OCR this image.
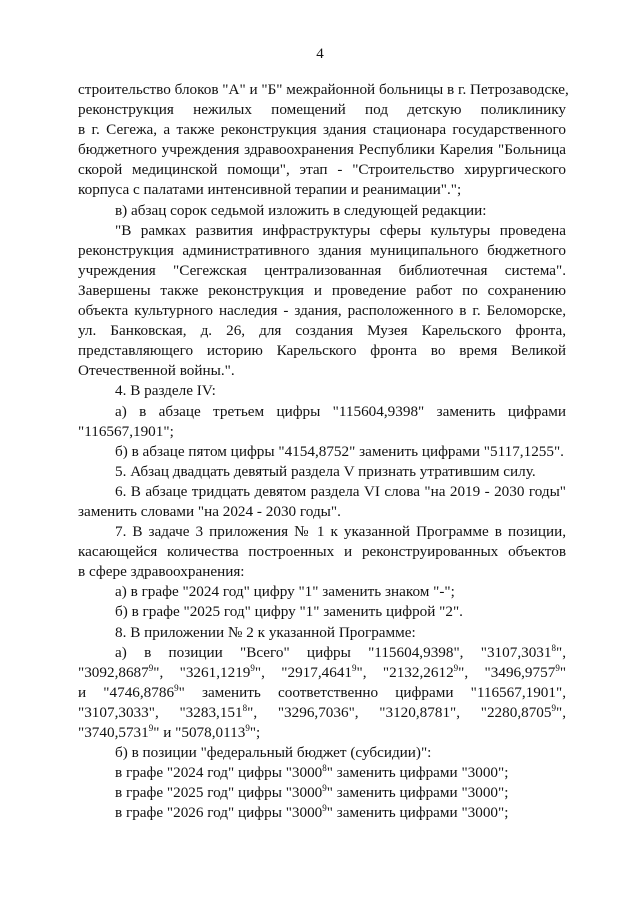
4
строительство блоков "А" и "Б" межрайонной больницы в г. Петрозаводске,
реконструкция нежилых помещений под детскую поликлинику
в г. Сегежа, а также реконструкция здания стационара государственного
бюджетного учреждения здравоохранения Республики Карелия "Больница
скорой медицинской помощи", этап - "Строительство хирургического
корпуса с палатами интенсивной терапии и реанимации".";
в) абзац сорок седьмой изложить в следующей редакции:
"В рамках развития инфраструктуры сферы культуры проведена
реконструкция административного здания муниципального бюджетного
учреждения "Сегежская централизованная библиотечная система".
Завершены также реконструкция и проведение работ по сохранению
объекта культурного наследия - здания, расположенного в г. Беломорске,
ул. Банковская, д. 26, для создания Музея Карельского фронта,
представляющего историю Карельского фронта во время Великой
Отечественной войны.".
4. В разделе IV:
а) в абзаце третьем цифры "115604,9398" заменить цифрами
"116567,1901";
б) в абзаце пятом цифры "4154,8752" заменить цифрами "5117,1255".
5. Абзац двадцать девятый раздела V признать утратившим силу.
6. В абзаце тридцать девятом раздела VI слова "на 2019 - 2030 годы"
заменить словами "на 2024 - 2030 годы".
7. В задаче 3 приложения № 1 к указанной Программе в позиции,
касающейся количества построенных и реконструированных объектов
в сфере здравоохранения:
а) в графе "2024 год" цифру "1" заменить знаком "-";
б) в графе "2025 год" цифру "1" заменить цифрой "2".
8. В приложении № 2 к указанной Программе:
а) в позиции "Всего" цифры "115604,9398", "3107,3031$^8$",
"3092,8687$^9$", "3261,1219$^9$", "2917,4641$^9$", "2132,2612$^9$", "3496,9757$^9$"
и "4746,8786$^9$" заменить соответственно цифрами "116567,1901",
"3107,3033", "3283,151$^8$", "3296,7036", "3120,8781", "2280,8705$^9$",
"3740,5731$^9$" и "5078,0113$^9$";
б) в позиции "федеральный бюджет (субсидии)":
в графе "2024 год" цифры "3000$^8$" заменить цифрами "3000";
в графе "2025 год" цифры "3000$^9$" заменить цифрами "3000";
в графе "2026 год" цифры "3000$^9$" заменить цифрами "3000";
